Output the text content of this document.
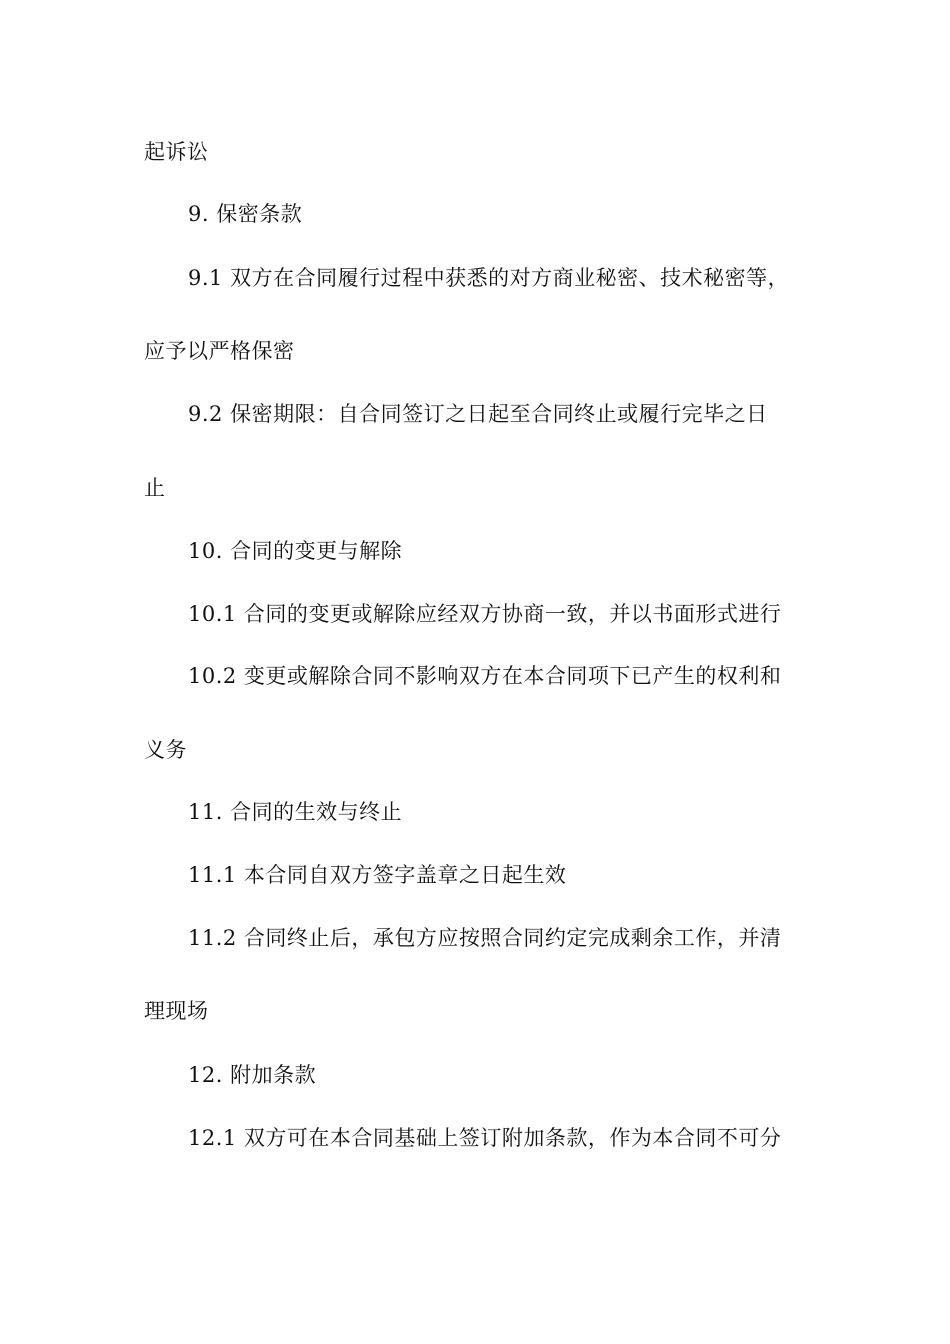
起诉讼
9. 保密条款
9.1 双方在合同履行过程中获悉的对方商业秘密、技术秘密等，
应予以严格保密
9.2 保密期限：自合同签订之日起至合同终止或履行完毕之日
止
10. 合同的变更与解除
10.1 合同的变更或解除应经双方协商一致，并以书面形式进行
10.2 变更或解除合同不影响双方在本合同项下已产生的权利和
义务
11. 合同的生效与终止
11.1 本合同自双方签字盖章之日起生效
11.2 合同终止后，承包方应按照合同约定完成剩余工作，并清
理现场
12. 附加条款
12.1 双方可在本合同基础上签订附加条款，作为本合同不可分
